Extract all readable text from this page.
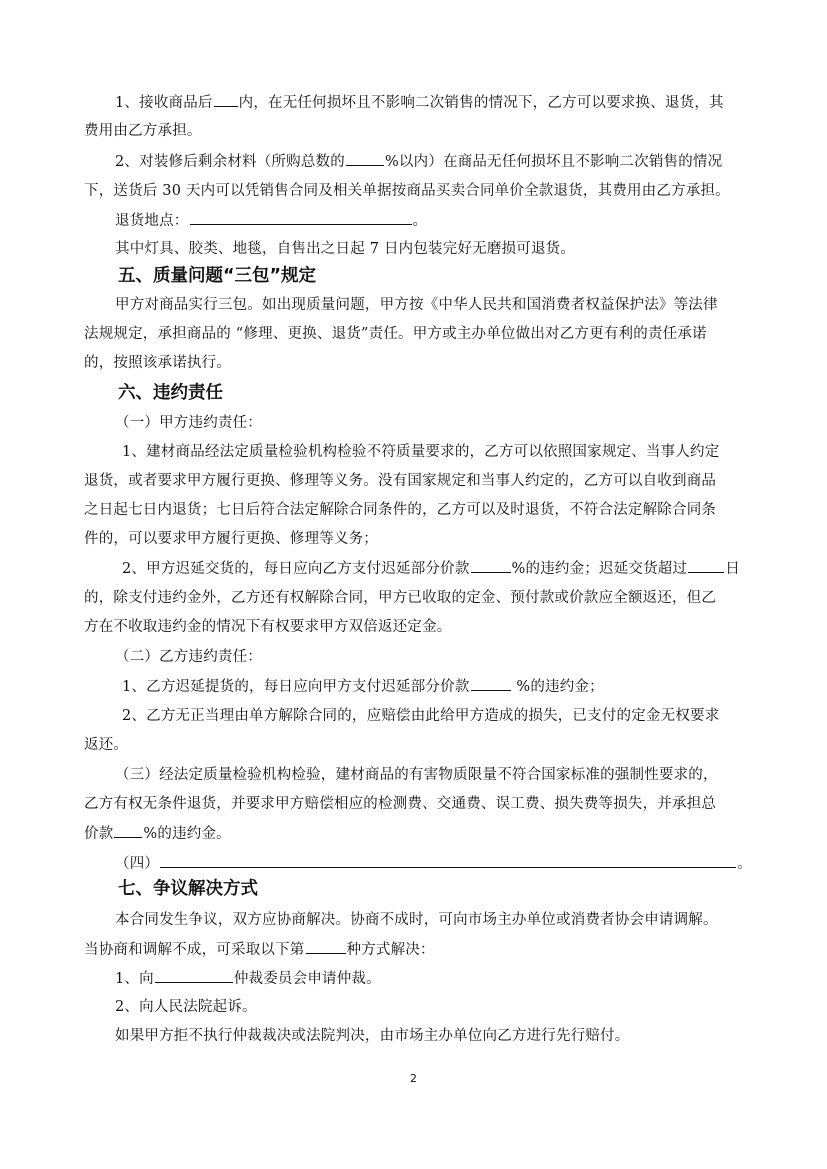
1、接收商品后 内，在无任何损坏且不影响二次销售的情况下，乙方可以要求换、退货，其
费用由乙方承担。
2、对装修后剩余材料（所购总数的	%以内）在商品无任何损坏且不影响二次销售的情况
下，送货后 30 天内可以凭销售合同及相关单据按商品买卖合同单价全款退货，其费用由乙方承担。
退货地点：	。
其中灯具、胶类、地毯，自售出之日起 7 日内包装完好无磨损可退货。
五、质量问题“三包”规定
甲方对商品实行三包。如出现质量问题，甲方按《中华人民共和国消费者权益保护法》等法律
法规规定，承担商品的 “修理、更换、退货”责任。甲方或主办单位做出对乙方更有利的责任承诺
的，按照该承诺执行。
六、违约责任
（一）甲方违约责任：
1、建材商品经法定质量检验机构检验不符质量要求的，乙方可以依照国家规定、当事人约定
退货，或者要求甲方履行更换、修理等义务。没有国家规定和当事人约定的，乙方可以自收到商品
之日起七日内退货；七日后符合法定解除合同条件的，乙方可以及时退货，不符合法定解除合同条
件的，可以要求甲方履行更换、修理等义务；
2、甲方迟延交货的，每日应向乙方支付迟延部分价款	%的违约金；迟延交货超过	日
的，除支付违约金外，乙方还有权解除合同，甲方已收取的定金、预付款或价款应全额返还，但乙
方在不收取违约金的情况下有权要求甲方双倍返还定金。
（二）乙方违约责任：
1、乙方迟延提货的，每日应向甲方支付迟延部分价款	%的违约金；
2、乙方无正当理由单方解除合同的，应赔偿由此给甲方造成的损失，已支付的定金无权要求
返还。
（三）经法定质量检验机构检验，建材商品的有害物质限量不符合国家标准的强制性要求的，
乙方有权无条件退货，并要求甲方赔偿相应的检测费、交通费、误工费、损失费等损失，并承担总
价款 %的违约金。
（四）	。
七、争议解决方式
本合同发生争议，双方应协商解决。协商不成时，可向市场主办单位或消费者协会申请调解。
当协商和调解不成，可采取以下第	种方式解决：
1、向	仲裁委员会申请仲裁。
2、向人民法院起诉。
如果甲方拒不执行仲裁裁决或法院判决，由市场主办单位向乙方进行先行赔付。
2
